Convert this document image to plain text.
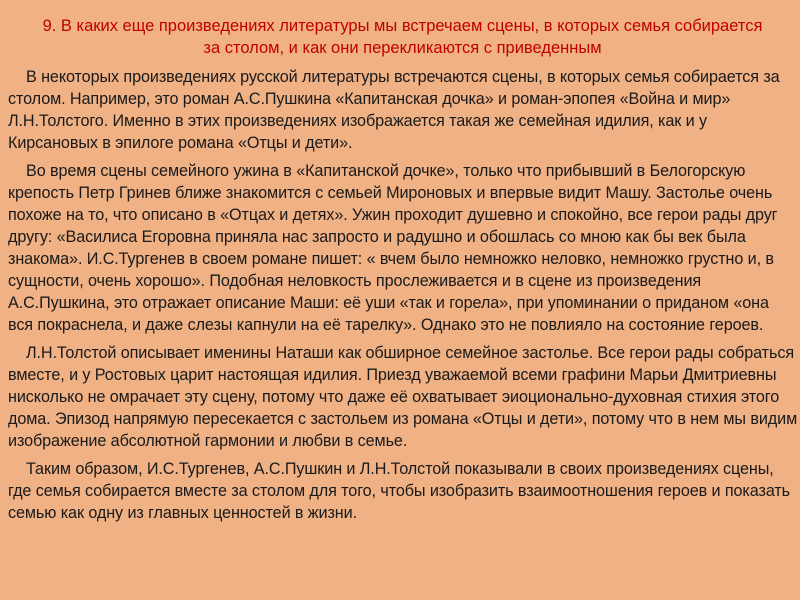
9. В каких еще произведениях литературы мы встречаем сцены, в которых семья собирается за столом, и как они перекликаются с приведенным

В некоторых произведениях русской литературы встречаются сцены, в которых семья собирается за столом. Например, это роман А.С.Пушкина «Капитанская дочка» и роман-эпопея «Война и мир» Л.Н.Толстого. Именно в этих произведениях изображается такая же семейная идилия, как и у Кирсановых в эпилоге романа «Отцы и дети».

Во время сцены семейного ужина в «Капитанской дочке», только что прибывший в Белогорскую крепость Петр Гринев ближе знакомится с семьей Мироновых и впервые видит Машу. Застолье очень похоже на то, что описано в «Отцах и детях». Ужин проходит душевно и спокойно, все герои рады друг другу: «Василиса Егоровна приняла нас запросто и радушно и обошлась со мною как бы век была знакома». И.С.Тургенев в своем романе пишет: « вчем было немножко неловко, немножко грустно и, в сущности, очень хорошо». Подобная неловкость прослеживается и в сцене из произведения А.С.Пушкина, это отражает описание Маши: её уши «так и горела», при упоминании о приданом «она вся покраснела, и даже слезы капнули на её тарелку». Однако это не повлияло на состояние героев.

Л.Н.Толстой описывает именины Наташи как обширное семейное застолье. Все герои рады собраться вместе, и у Ростовых царит настоящая идилия. Приезд уважаемой всеми графини Марьи Дмитриевны нисколько не омрачает эту сцену, потому что даже её охватывает эиоционально-духовная стихия этого дома. Эпизод напрямую пересекается с застольем из романа «Отцы и дети», потому что в нем мы видим изображение абсолютной гармонии и любви в семье.

Таким образом, И.С.Тургенев, А.С.Пушкин и Л.Н.Толстой показывали в своих произведениях сцены, где семья собирается вместе за столом для того, чтобы изобразить взаимоотношения героев и показать семью как одну из главных ценностей в жизни.
